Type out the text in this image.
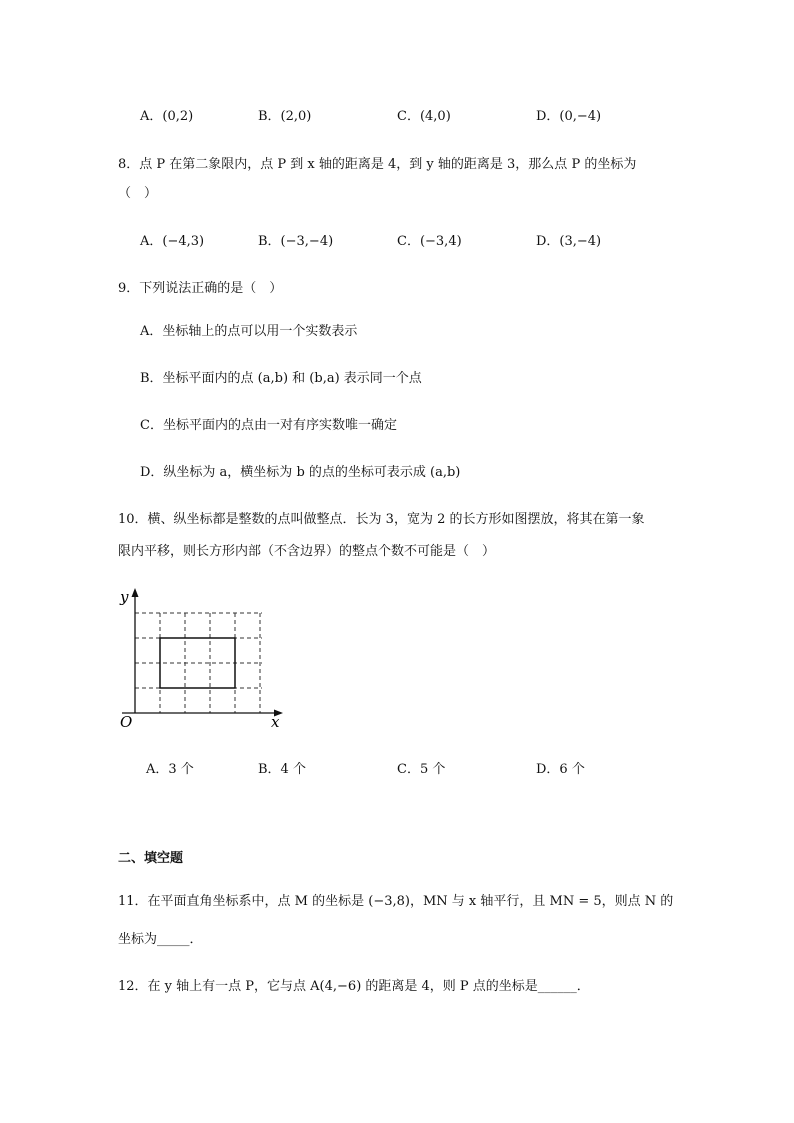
A．(0,2)	B．(2,0)	C．(4,0)	D．(0,−4)
8．点 P 在第二象限内，点 P 到 x 轴的距离是 4，到 y 轴的距离是 3，那么点 P 的坐标为
（　）
A．(−4,3)	B．(−3,−4)	C．(−3,4)	D．(3,−4)
9．下列说法正确的是（　）
A．坐标轴上的点可以用一个实数表示
B．坐标平面内的点 (a,b) 和 (b,a) 表示同一个点
C．坐标平面内的点由一对有序实数唯一确定
D．纵坐标为 a，横坐标为 b 的点的坐标可表示成 (a,b)
10．横、纵坐标都是整数的点叫做整点．长为 3，宽为 2 的长方形如图摆放，将其在第一象
限内平移，则长方形内部（不含边界）的整点个数不可能是（　）
y
x
O
A．3 个	B．4 个	C．5 个	D．6 个
二、填空题
11．在平面直角坐标系中，点 M 的坐标是 (−3,8)，MN 与 x 轴平行，且 MN = 5，则点 N 的
坐标为_____．
12．在 y 轴上有一点 P，它与点 A(4,−6) 的距离是 4，则 P 点的坐标是______．
